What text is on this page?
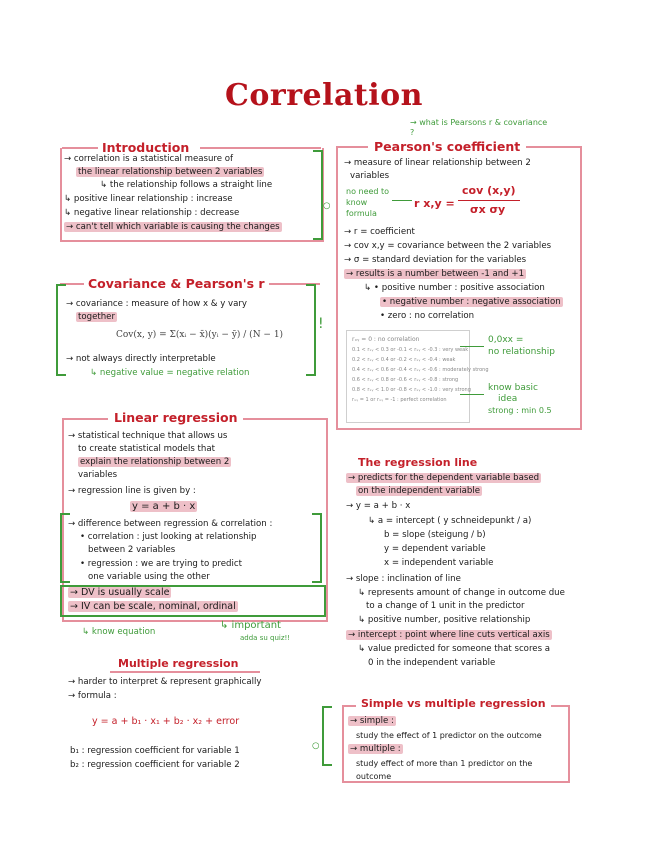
Correlation
Introduction
○
→ correlation is a statistical measure of
the linear relationship between 2 variables
↳ the relationship follows a straight line
↳ positive linear relationship : increase
↳ negative linear relationship : decrease
→ can't tell which variable is causing the changes
Covariance & Pearson's r
!
→ covariance : measure of how x & y vary
together
Cov(x, y) = Σ(xᵢ − x̄)(yᵢ − ȳ) / (N − 1)
→ not always directly interpretable
↳ negative value = negative relation
→ what is Pearsons r & covariance ?
Pearson's coefficient
→ measure of linear relationship between 2
variables
no need to
know
formula
r x,y =
cov (x,y)
σx σy
→ r = coefficient
→ cov x,y = covariance between the 2 variables
→ σ = standard deviation for the variables
→ results is a number between -1 and +1
↳ • positive number : positive association
• negative number : negative association
• zero : no correlation
rₓᵧ = 0 : no correlation
0.1 < rₓᵧ < 0.3 or -0.1 < rₓᵧ < -0.3 : very weak
0.2 < rₓᵧ < 0.4 or -0.2 < rₓᵧ < -0.4 : weak
0.4 < rₓᵧ < 0.6 or -0.4 < rₓᵧ < -0.6 : moderately strong
0.6 < rₓᵧ < 0.8 or -0.6 < rₓᵧ < -0.8 : strong
0.8 < rₓᵧ < 1.0 or -0.8 < rₓᵧ < -1.0 : very strong
rₓᵧ = 1 or rₓᵧ = -1 : perfect correlation
0,0xx =
no relationship
know basic
idea
strong : min 0.5
Linear regression
→ statistical technique that allows us
to create statistical models that
explain the relationship between 2
variables
→ regression line is given by :
y = a + b · x
→ difference between regression & correlation :
• correlation : just looking at relationship
between 2 variables
• regression : we are trying to predict
one variable using the other
→ DV is usually scale
→ IV can be scale, nominal, ordinal
↳ know equation
↳ important
adda su quiz!!
The regression line
→ predicts for the dependent variable based
on the independent variable
→ y = a + b · x
↳ a = intercept ( y schneidepunkt / a)
b = slope (steigung / b)
y = dependent variable
x = independent variable
→ slope : inclination of line
↳ represents amount of change in outcome due
to a change of 1 unit in the predictor
↳ positive number, positive relationship
→ intercept : point where line cuts vertical axis
↳ value predicted for someone that scores a
0 in the independent variable
Multiple regression
→ harder to interpret & represent graphically
→ formula :
y = a + b₁ · x₁ + b₂ · x₂ + error
b₁ : regression coefficient for variable 1
b₂ : regression coefficient for variable 2
Simple vs multiple regression
○
→ simple :
study the effect of 1 predictor on the outcome
→ multiple :
study effect of more than 1 predictor on the
outcome
